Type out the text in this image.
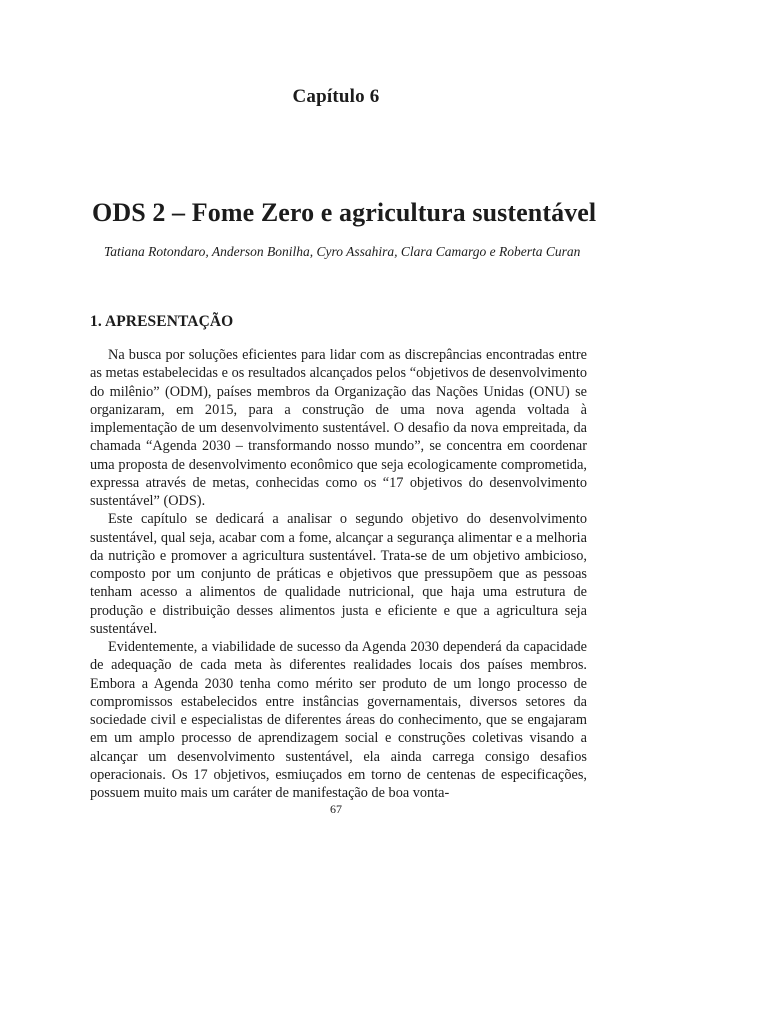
Capítulo 6
ODS 2 – Fome Zero e agricultura sustentável
Tatiana Rotondaro, Anderson Bonilha, Cyro Assahira, Clara Camargo e Roberta Curan
1. APRESENTAÇÃO

Na busca por soluções eficientes para lidar com as discrepâncias encontradas entre as metas estabelecidas e os resultados alcançados pelos “objetivos de desenvolvimento do milênio” (ODM), países membros da Organização das Nações Unidas (ONU) se organizaram, em 2015, para a construção de uma nova agenda voltada à implementação de um desenvolvimento sustentável. O desafio da nova empreitada, da chamada “Agenda 2030 – transformando nosso mundo”, se concentra em coordenar uma proposta de desenvolvimento econômico que seja ecologicamente comprometida, expressa através de metas, conhecidas como os “17 objetivos do desenvolvimento sustentável” (ODS).

Este capítulo se dedicará a analisar o segundo objetivo do desenvolvimento sustentável, qual seja, acabar com a fome, alcançar a segurança alimentar e a melhoria da nutrição e promover a agricultura sustentável. Trata-se de um objetivo ambicioso, composto por um conjunto de práticas e objetivos que pressupõem que as pessoas tenham acesso a alimentos de qualidade nutricional, que haja uma estrutura de produção e distribuição desses alimentos justa e eficiente e que a agricultura seja sustentável.

Evidentemente, a viabilidade de sucesso da Agenda 2030 dependerá da capacidade de adequação de cada meta às diferentes realidades locais dos países membros. Embora a Agenda 2030 tenha como mérito ser produto de um longo processo de compromissos estabelecidos entre instâncias governamentais, diversos setores da sociedade civil e especialistas de diferentes áreas do conhecimento, que se engajaram em um amplo processo de aprendizagem social e construções coletivas visando a alcançar um desenvolvimento sustentável, ela ainda carrega consigo desafios operacionais. Os 17 objetivos, esmiuçados em torno de centenas de especificações, possuem muito mais um caráter de manifestação de boa vonta-

67
